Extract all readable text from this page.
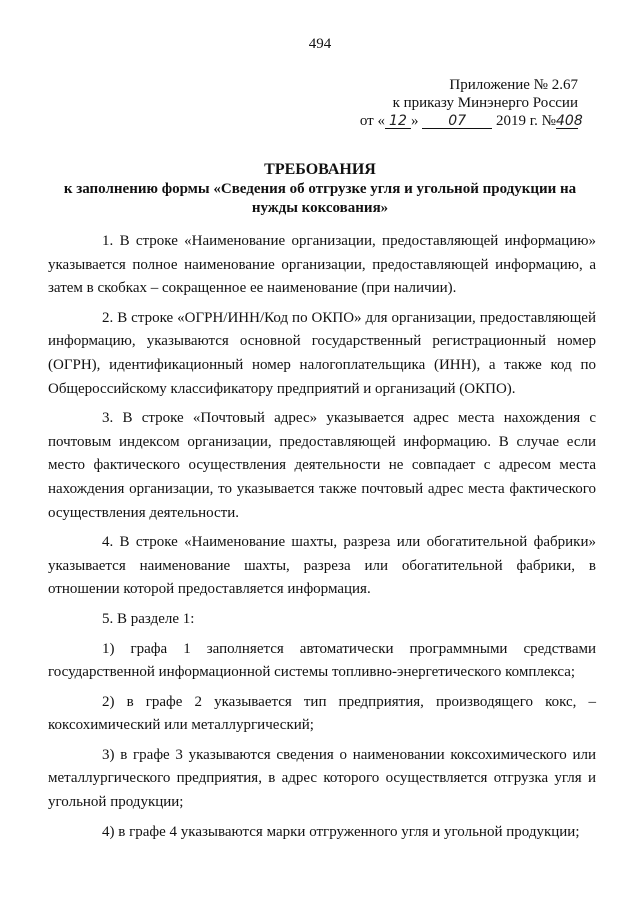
494
Приложение № 2.67
к приказу Минэнерго России
от « 12 » 07 2019 г. №408
ТРЕБОВАНИЯ
к заполнению формы «Сведения об отгрузке угля и угольной продукции на нужды коксования»

1. В строке «Наименование организации, предоставляющей информацию» указывается полное наименование организации, предоставляющей информацию, а затем в скобках – сокращенное ее наименование (при наличии).

2. В строке «ОГРН/ИНН/Код по ОКПО» для организации, предоставляющей информацию, указываются основной государственный регистрационный номер (ОГРН), идентификационный номер налогоплательщика (ИНН), а также код по Общероссийскому классификатору предприятий и организаций (ОКПО).

3. В строке «Почтовый адрес» указывается адрес места нахождения с почтовым индексом организации, предоставляющей информацию. В случае если место фактического осуществления деятельности не совпадает с адресом места нахождения организации, то указывается также почтовый адрес места фактического осуществления деятельности.

4. В строке «Наименование шахты, разреза или обогатительной фабрики» указывается наименование шахты, разреза или обогатительной фабрики, в отношении которой предоставляется информация.

5. В разделе 1:

1) графа 1 заполняется автоматически программными средствами государственной информационной системы топливно-энергетического комплекса;

2) в графе 2 указывается тип предприятия, производящего кокс, – коксохимический или металлургический;

3) в графе 3 указываются сведения о наименовании коксохимического или металлургического предприятия, в адрес которого осуществляется отгрузка угля и угольной продукции;

4) в графе 4 указываются марки отгруженного угля и угольной продукции;
